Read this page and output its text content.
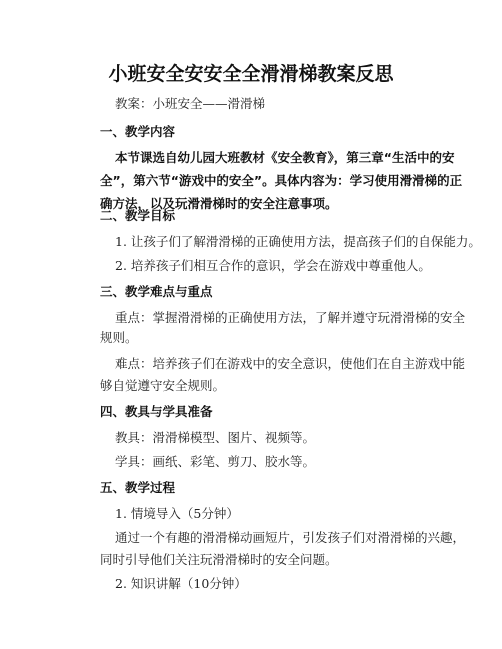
小班安全安安全全滑滑梯教案反思
教案：小班安全——滑滑梯
一、教学内容
本节课选自幼儿园大班教材《安全教育》，第三章“生活中的安
全”，第六节“游戏中的安全”。具体内容为：学习使用滑滑梯的正
确方法，以及玩滑滑梯时的安全注意事项。
二、教学目标
1. 让孩子们了解滑滑梯的正确使用方法，提高孩子们的自保能力。
2. 培养孩子们相互合作的意识，学会在游戏中尊重他人。
三、教学难点与重点
重点：掌握滑滑梯的正确使用方法，了解并遵守玩滑滑梯的安全
规则。
难点：培养孩子们在游戏中的安全意识，使他们在自主游戏中能
够自觉遵守安全规则。
四、教具与学具准备
教具：滑滑梯模型、图片、视频等。
学具：画纸、彩笔、剪刀、胶水等。
五、教学过程
1. 情境导入（5分钟）
通过一个有趣的滑滑梯动画短片，引发孩子们对滑滑梯的兴趣，
同时引导他们关注玩滑滑梯时的安全问题。
2. 知识讲解（10分钟）
